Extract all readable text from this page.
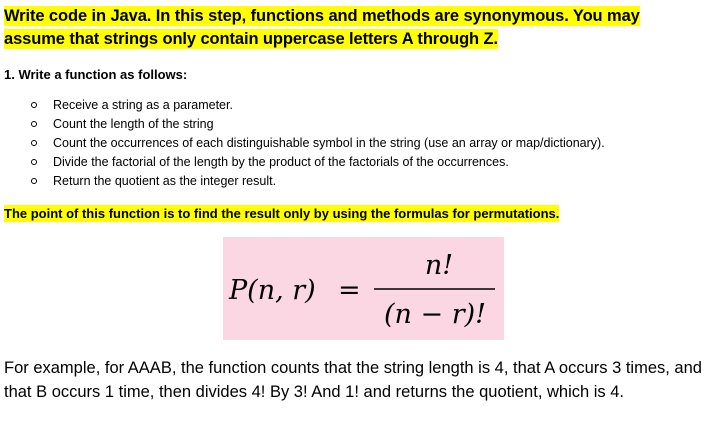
Write code in Java. In this step, functions and methods are synonymous. You may assume that strings only contain uppercase letters A through Z.
1. Write a function as follows:
Receive a string as a parameter.
Count the length of the string
Count the occurrences of each distinguishable symbol in the string (use an array or map/dictionary).
Divide the factorial of the length by the product of the factorials of the occurrences.
Return the quotient as the integer result.
The point of this function is to find the result only by using the formulas for permutations.
P(n, r) =
n!
(n − r)!
For example, for AAAB, the function counts that the string length is 4, that A occurs 3 times, and that B occurs 1 time, then divides 4! By 3! And 1! and returns the quotient, which is 4.
